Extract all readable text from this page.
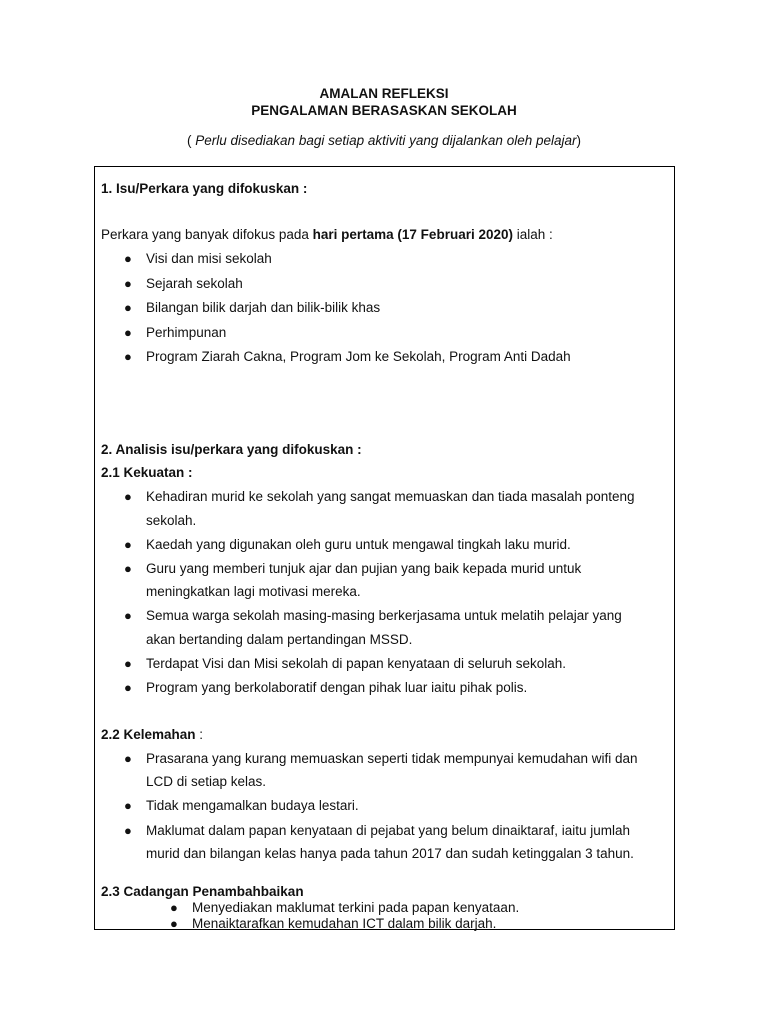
AMALAN REFLEKSI
PENGALAMAN BERASASKAN SEKOLAH
( Perlu disediakan bagi setiap aktiviti yang dijalankan oleh pelajar)
1. Isu/Perkara yang difokuskan :
Perkara yang banyak difokus pada hari pertama (17 Februari 2020) ialah :
● Visi dan misi sekolah
● Sejarah sekolah
● Bilangan bilik darjah dan bilik-bilik khas
● Perhimpunan
● Program Ziarah Cakna, Program Jom ke Sekolah, Program Anti Dadah
2. Analisis isu/perkara yang difokuskan :
2.1 Kekuatan :
● Kehadiran murid ke sekolah yang sangat memuaskan dan tiada masalah ponteng
sekolah.
● Kaedah yang digunakan oleh guru untuk mengawal tingkah laku murid.
● Guru yang memberi tunjuk ajar dan pujian yang baik kepada murid untuk
meningkatkan lagi motivasi mereka.
● Semua warga sekolah masing-masing berkerjasama untuk melatih pelajar yang
akan bertanding dalam pertandingan MSSD.
● Terdapat Visi dan Misi sekolah di papan kenyataan di seluruh sekolah.
● Program yang berkolaboratif dengan pihak luar iaitu pihak polis.
2.2 Kelemahan :
● Prasarana yang kurang memuaskan seperti tidak mempunyai kemudahan wifi dan
LCD di setiap kelas.
● Tidak mengamalkan budaya lestari.
● Maklumat dalam papan kenyataan di pejabat yang belum dinaiktaraf, iaitu jumlah
murid dan bilangan kelas hanya pada tahun 2017 dan sudah ketinggalan 3 tahun.
2.3 Cadangan Penambahbaikan
● Menyediakan maklumat terkini pada papan kenyataan.
● Menaiktarafkan kemudahan ICT dalam bilik darjah.
